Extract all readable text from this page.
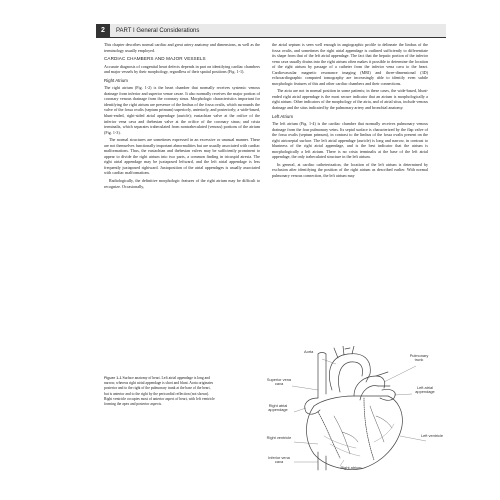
2	PART I General Considerations

This chapter describes normal cardiac and great artery anatomy and dimensions, as well as the terminology usually employed.

CARDIAC CHAMBERS AND MAJOR VESSELS

Accurate diagnosis of congenital heart defects depends in part on identifying cardiac chambers and major vessels by their morphology, regardless of their spatial positions (Fig. 1-1).

Right Atrium

The right atrium (Fig. 1-2) is the heart chamber that normally receives systemic venous drainage from inferior and superior venae cavae. It also normally receives the major portion of coronary venous drainage from the coronary sinus. Morphologic characteristics important for identifying the right atrium are presence of the limbus of the fossa ovalis, which surrounds the valve of the fossa ovalis (septum primum) superiorly, anteriorly, and posteriorly; a wide-based, blunt-ended, right-sided atrial appendage (auricle); eustachian valve at the orifice of the inferior vena cava and thebesian valve at the orifice of the coronary sinus; and crista terminalis, which separates trabeculated from nontrabeculated (venous) portions of the atrium (Fig. 1-3).

The normal structures are sometimes expressed in an excessive or unusual manner. These are not themselves functionally important abnormalities but are usually associated with cardiac malformations. Thus, the eustachian and thebesian valves may be sufficiently prominent to appear to divide the right atrium into two parts, a common finding in tricuspid atresia. The right atrial appendage may be juxtaposed leftward, and the left atrial appendage is less frequently juxtaposed rightward. Juxtaposition of the atrial appendages is usually associated with cardiac malformations.

Radiologically, the definitive morphologic features of the right atrium may be difficult to recognize. Occasionally,

the atrial septum is seen well enough in angiographic profile to delineate the limbus of the fossa ovalis, and sometimes the right atrial appendage is outlined sufficiently to differentiate its shape from that of the left atrial appendage. The fact that the hepatic portion of the inferior vena cava usually drains into the right atrium often makes it possible to determine the location of the right atrium by passage of a catheter from the inferior vena cava to the heart. Cardiovascular magnetic resonance imaging (MRI) and three-dimensional (3D) echocardiographic computed tomography are increasingly able to identify even subtle morphologic features of this and other cardiac chambers and their connections.

The atria are not in normal position in some patients; in these cases, the wide-based, blunt-ended right atrial appendage is the most secure indicator that an atrium is morphologically a right atrium. Other indicators of the morphology of the atria, and of atrial situs, include venous drainage and the situs indicated by the pulmonary artery and bronchial anatomy.

Left Atrium

The left atrium (Fig. 1-4) is the cardiac chamber that normally receives pulmonary venous drainage from the four pulmonary veins. Its septal surface is characterized by the flap valve of the fossa ovalis (septum primum), in contrast to the limbus of the fossa ovalis present on the right atrioseptal surface. The left atrial appendage (auricle) is long and narrow, in contrast to bluntness of the right atrial appendage, and is the best indicator that the atrium is morphologically a left atrium. There is no crista terminalis at the base of the left atrial appendage, the only trabeculated structure in the left atrium.

In general, at cardiac catheterization, the location of the left atrium is determined by exclusion after identifying the position of the right atrium as described earlier. With normal pulmonary venous connection, the left atrium may

Figure 1-1 Surface anatomy of heart. Left atrial appendage is long and narrow, whereas right atrial appendage is short and blunt. Aorta originates posterior and to the right of the pulmonary trunk at the base of the heart, but is anterior and to the right by the pericardial reflection (not shown). Right ventricle occupies most of anterior aspect of heart, with left ventricle forming the apex and posterior aspects.
Aorta
Pulmonary trunk
Superior vena cava
Left atrial appendage
Right atrial appendage
Right ventricle	Left ventricle
Inferior vena cava
Right atrium
